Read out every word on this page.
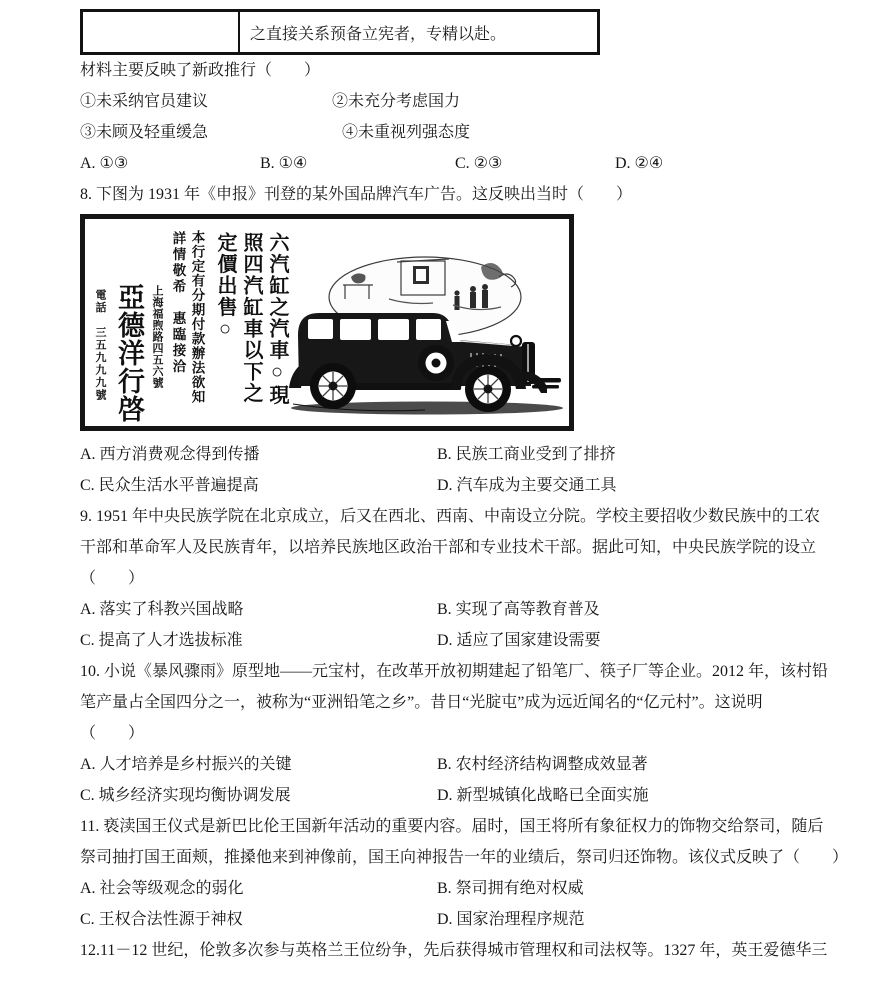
之直接关系预备立宪者，专精以赴。
材料主要反映了新政推行（　　）
①未采纳官员建议	②未充分考虑国力
③未顾及轻重缓急	④未重视列强态度
A. ①③	B. ①④	C. ②③	D. ②④
8. 下图为 1931 年《申报》刊登的某外国品牌汽车广告。这反映出当时（　　）
六汽缸之汽車○現
照四汽缸車以下之
定價出售○
本行定有分期付款辦法欲知
詳情敬希　惠臨接洽
上海福煦路四五六號
亞德洋行啓
電話　三五九九九號
A. 西方消费观念得到传播	B. 民族工商业受到了排挤
C. 民众生活水平普遍提高	D. 汽车成为主要交通工具
9. 1951 年中央民族学院在北京成立，后又在西北、西南、中南设立分院。学校主要招收少数民族中的工农
干部和革命军人及民族青年，以培养民族地区政治干部和专业技术干部。据此可知，中央民族学院的设立
（　　）
A. 落实了科教兴国战略	B. 实现了高等教育普及
C. 提高了人才选拔标准	D. 适应了国家建设需要
10. 小说《暴风骤雨》原型地——元宝村，在改革开放初期建起了铅笔厂、筷子厂等企业。2012 年，该村铅
笔产量占全国四分之一，被称为“亚洲铅笔之乡”。昔日“光腚屯”成为远近闻名的“亿元村”。这说明
（　　）
A. 人才培养是乡村振兴的关键	B. 农村经济结构调整成效显著
C. 城乡经济实现均衡协调发展	D. 新型城镇化战略已全面实施
11. 亵渎国王仪式是新巴比伦王国新年活动的重要内容。届时，国王将所有象征权力的饰物交给祭司，随后
祭司抽打国王面颊，推搡他来到神像前，国王向神报告一年的业绩后，祭司归还饰物。该仪式反映了（　　）
A. 社会等级观念的弱化	B. 祭司拥有绝对权威
C. 王权合法性源于神权	D. 国家治理程序规范
12.11－12 世纪，伦敦多次参与英格兰王位纷争，先后获得城市管理权和司法权等。1327 年，英王爱德华三
